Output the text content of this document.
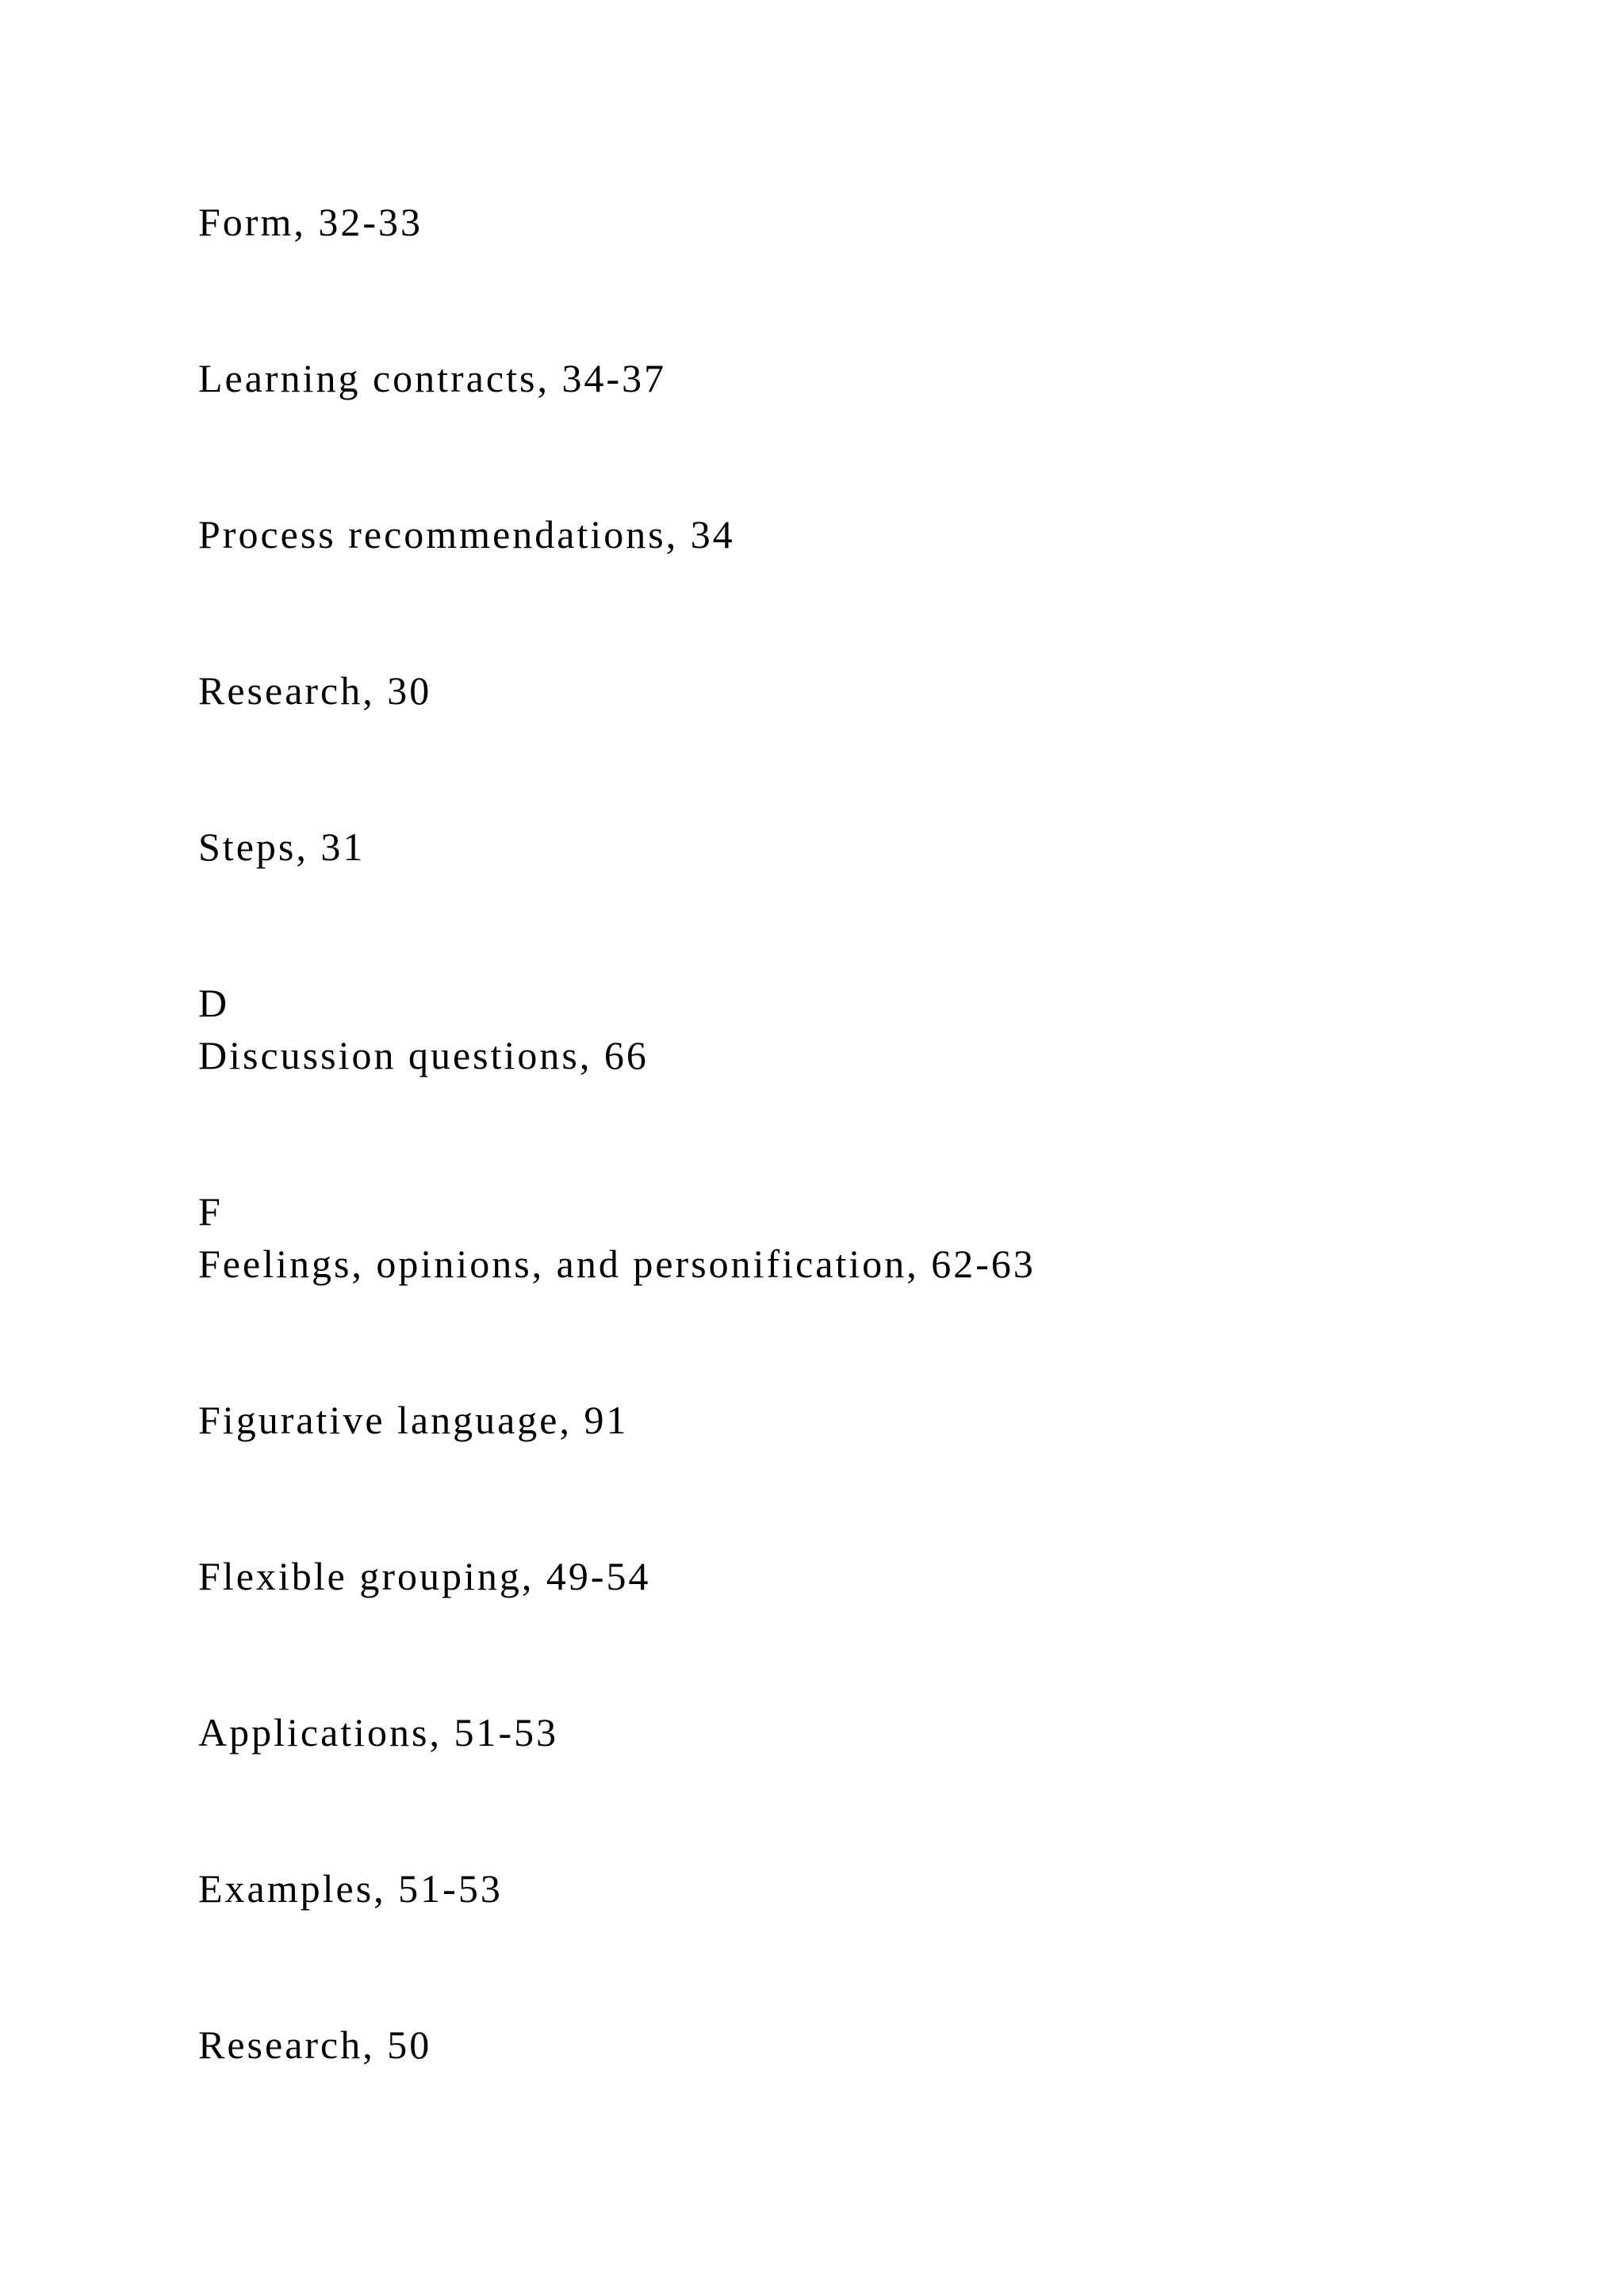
Form, 32-33
Learning contracts, 34-37
Process recommendations, 34
Research, 30
Steps, 31
D
Discussion questions, 66
F
Feelings, opinions, and personification, 62-63
Figurative language, 91
Flexible grouping, 49-54
Applications, 51-53
Examples, 51-53
Research, 50
